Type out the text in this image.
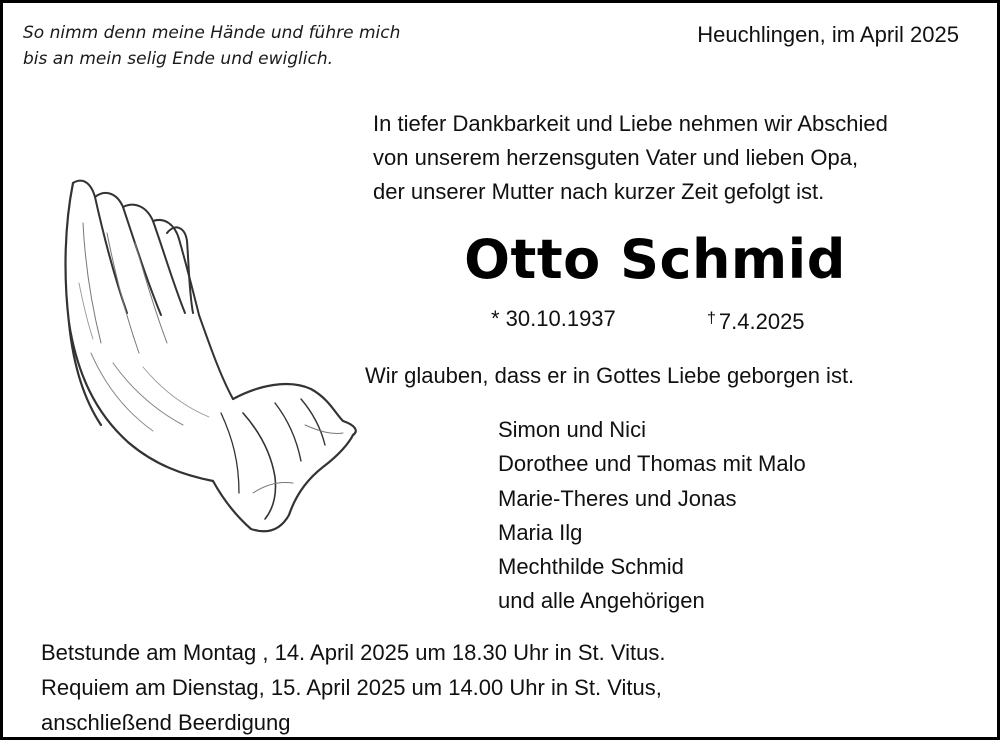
So nimm denn meine Hände und führe mich
bis an mein selig Ende und ewiglich.
Heuchlingen, im April 2025
In tiefer Dankbarkeit und Liebe nehmen wir Abschied
von unserem herzensguten Vater und lieben Opa,
der unserer Mutter nach kurzer Zeit gefolgt ist.
Otto Schmid
* 30.10.1937	† 7.4.2025
Wir glauben, dass er in Gottes Liebe geborgen ist.
Simon und Nici
Dorothee und Thomas mit Malo
Marie-Theres und Jonas
Maria Ilg
Mechthilde Schmid
und alle Angehörigen
Betstunde am Montag , 14. April 2025 um 18.30 Uhr in St. Vitus.
Requiem am Dienstag, 15. April 2025 um 14.00 Uhr in St. Vitus,
anschließend Beerdigung
